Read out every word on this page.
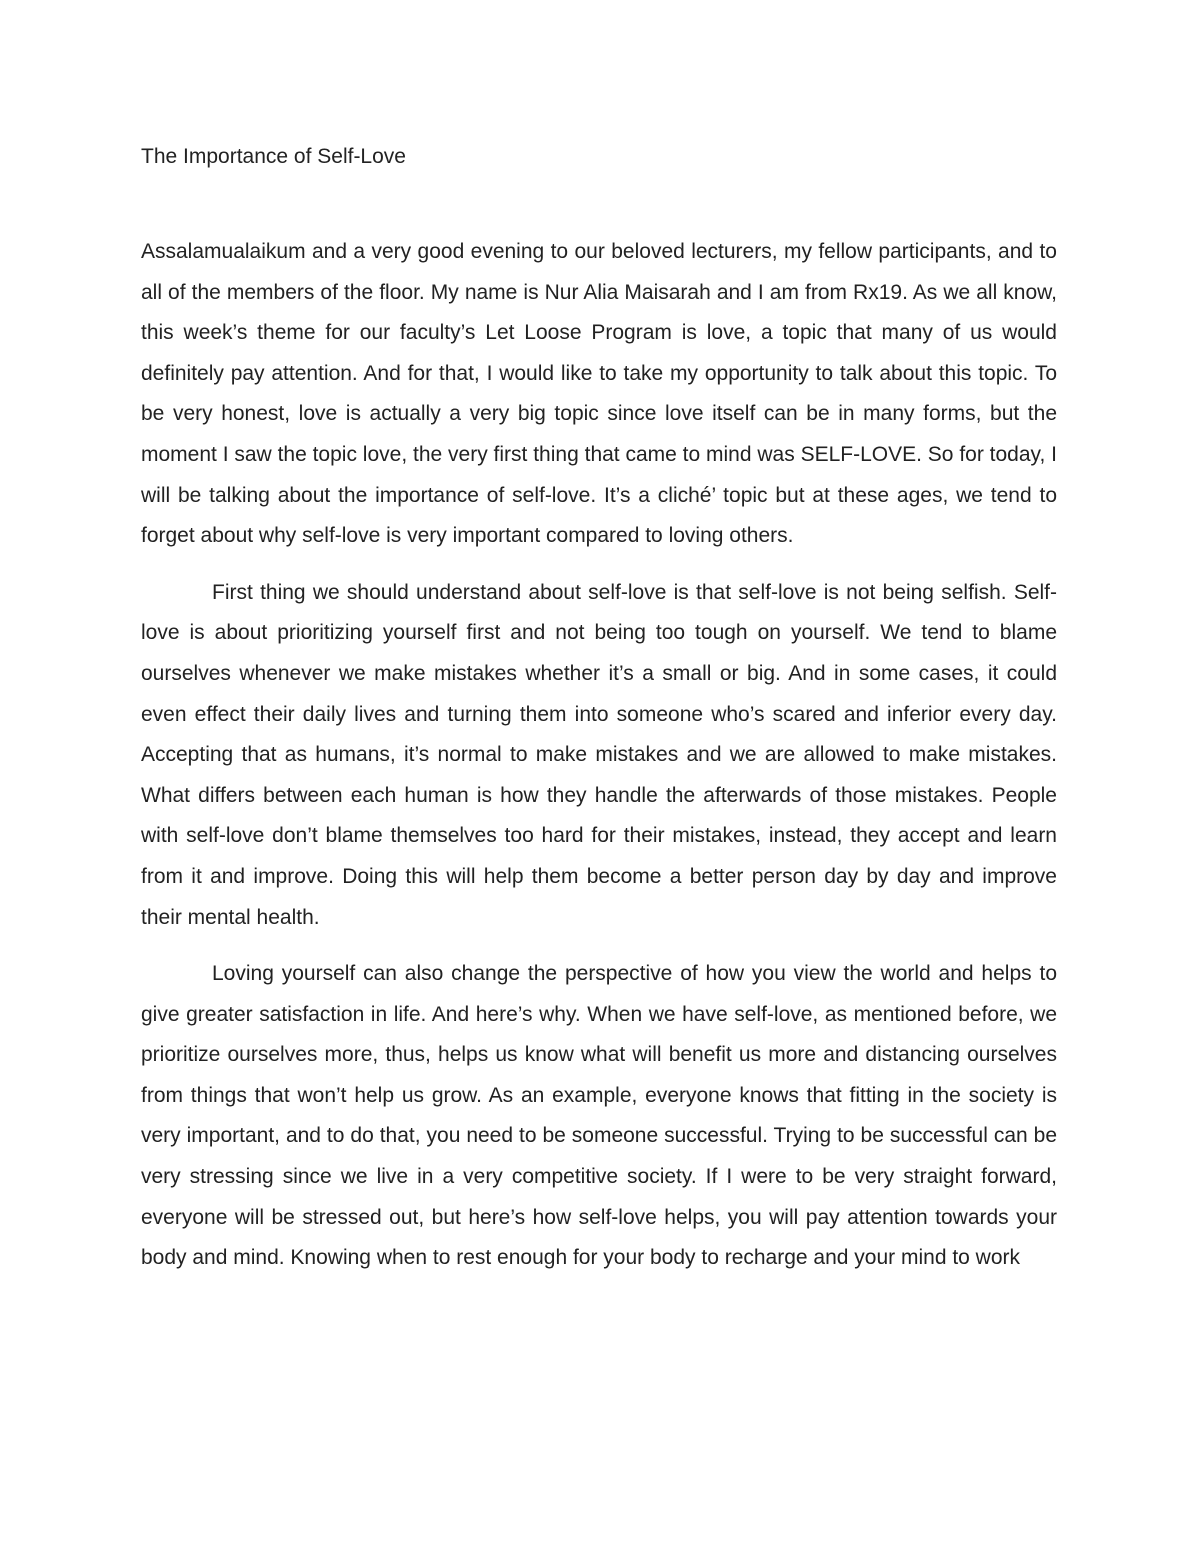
The Importance of Self-Love

Assalamualaikum and a very good evening to our beloved lecturers, my fellow participants, and to all of the members of the floor. My name is Nur Alia Maisarah and I am from Rx19. As we all know, this week’s theme for our faculty’s Let Loose Program is love, a topic that many of us would definitely pay attention. And for that, I would like to take my opportunity to talk about this topic. To be very honest, love is actually a very big topic since love itself can be in many forms, but the moment I saw the topic love, the very first thing that came to mind was SELF-LOVE. So for today, I will be talking about the importance of self-love. It’s a cliché’ topic but at these ages, we tend to forget about why self-love is very important compared to loving others.

First thing we should understand about self-love is that self-love is not being selfish. Self-love is about prioritizing yourself first and not being too tough on yourself. We tend to blame ourselves whenever we make mistakes whether it’s a small or big. And in some cases, it could even effect their daily lives and turning them into someone who’s scared and inferior every day. Accepting that as humans, it’s normal to make mistakes and we are allowed to make mistakes. What differs between each human is how they handle the afterwards of those mistakes. People with self-love don’t blame themselves too hard for their mistakes, instead, they accept and learn from it and improve. Doing this will help them become a better person day by day and improve their mental health.

Loving yourself can also change the perspective of how you view the world and helps to give greater satisfaction in life. And here’s why. When we have self-love, as mentioned before, we prioritize ourselves more, thus, helps us know what will benefit us more and distancing ourselves from things that won’t help us grow. As an example, everyone knows that fitting in the society is very important, and to do that, you need to be someone successful. Trying to be successful can be very stressing since we live in a very competitive society. If I were to be very straight forward, everyone will be stressed out, but here’s how self-love helps, you will pay attention towards your body and mind. Knowing when to rest enough for your body to recharge and your mind to work
